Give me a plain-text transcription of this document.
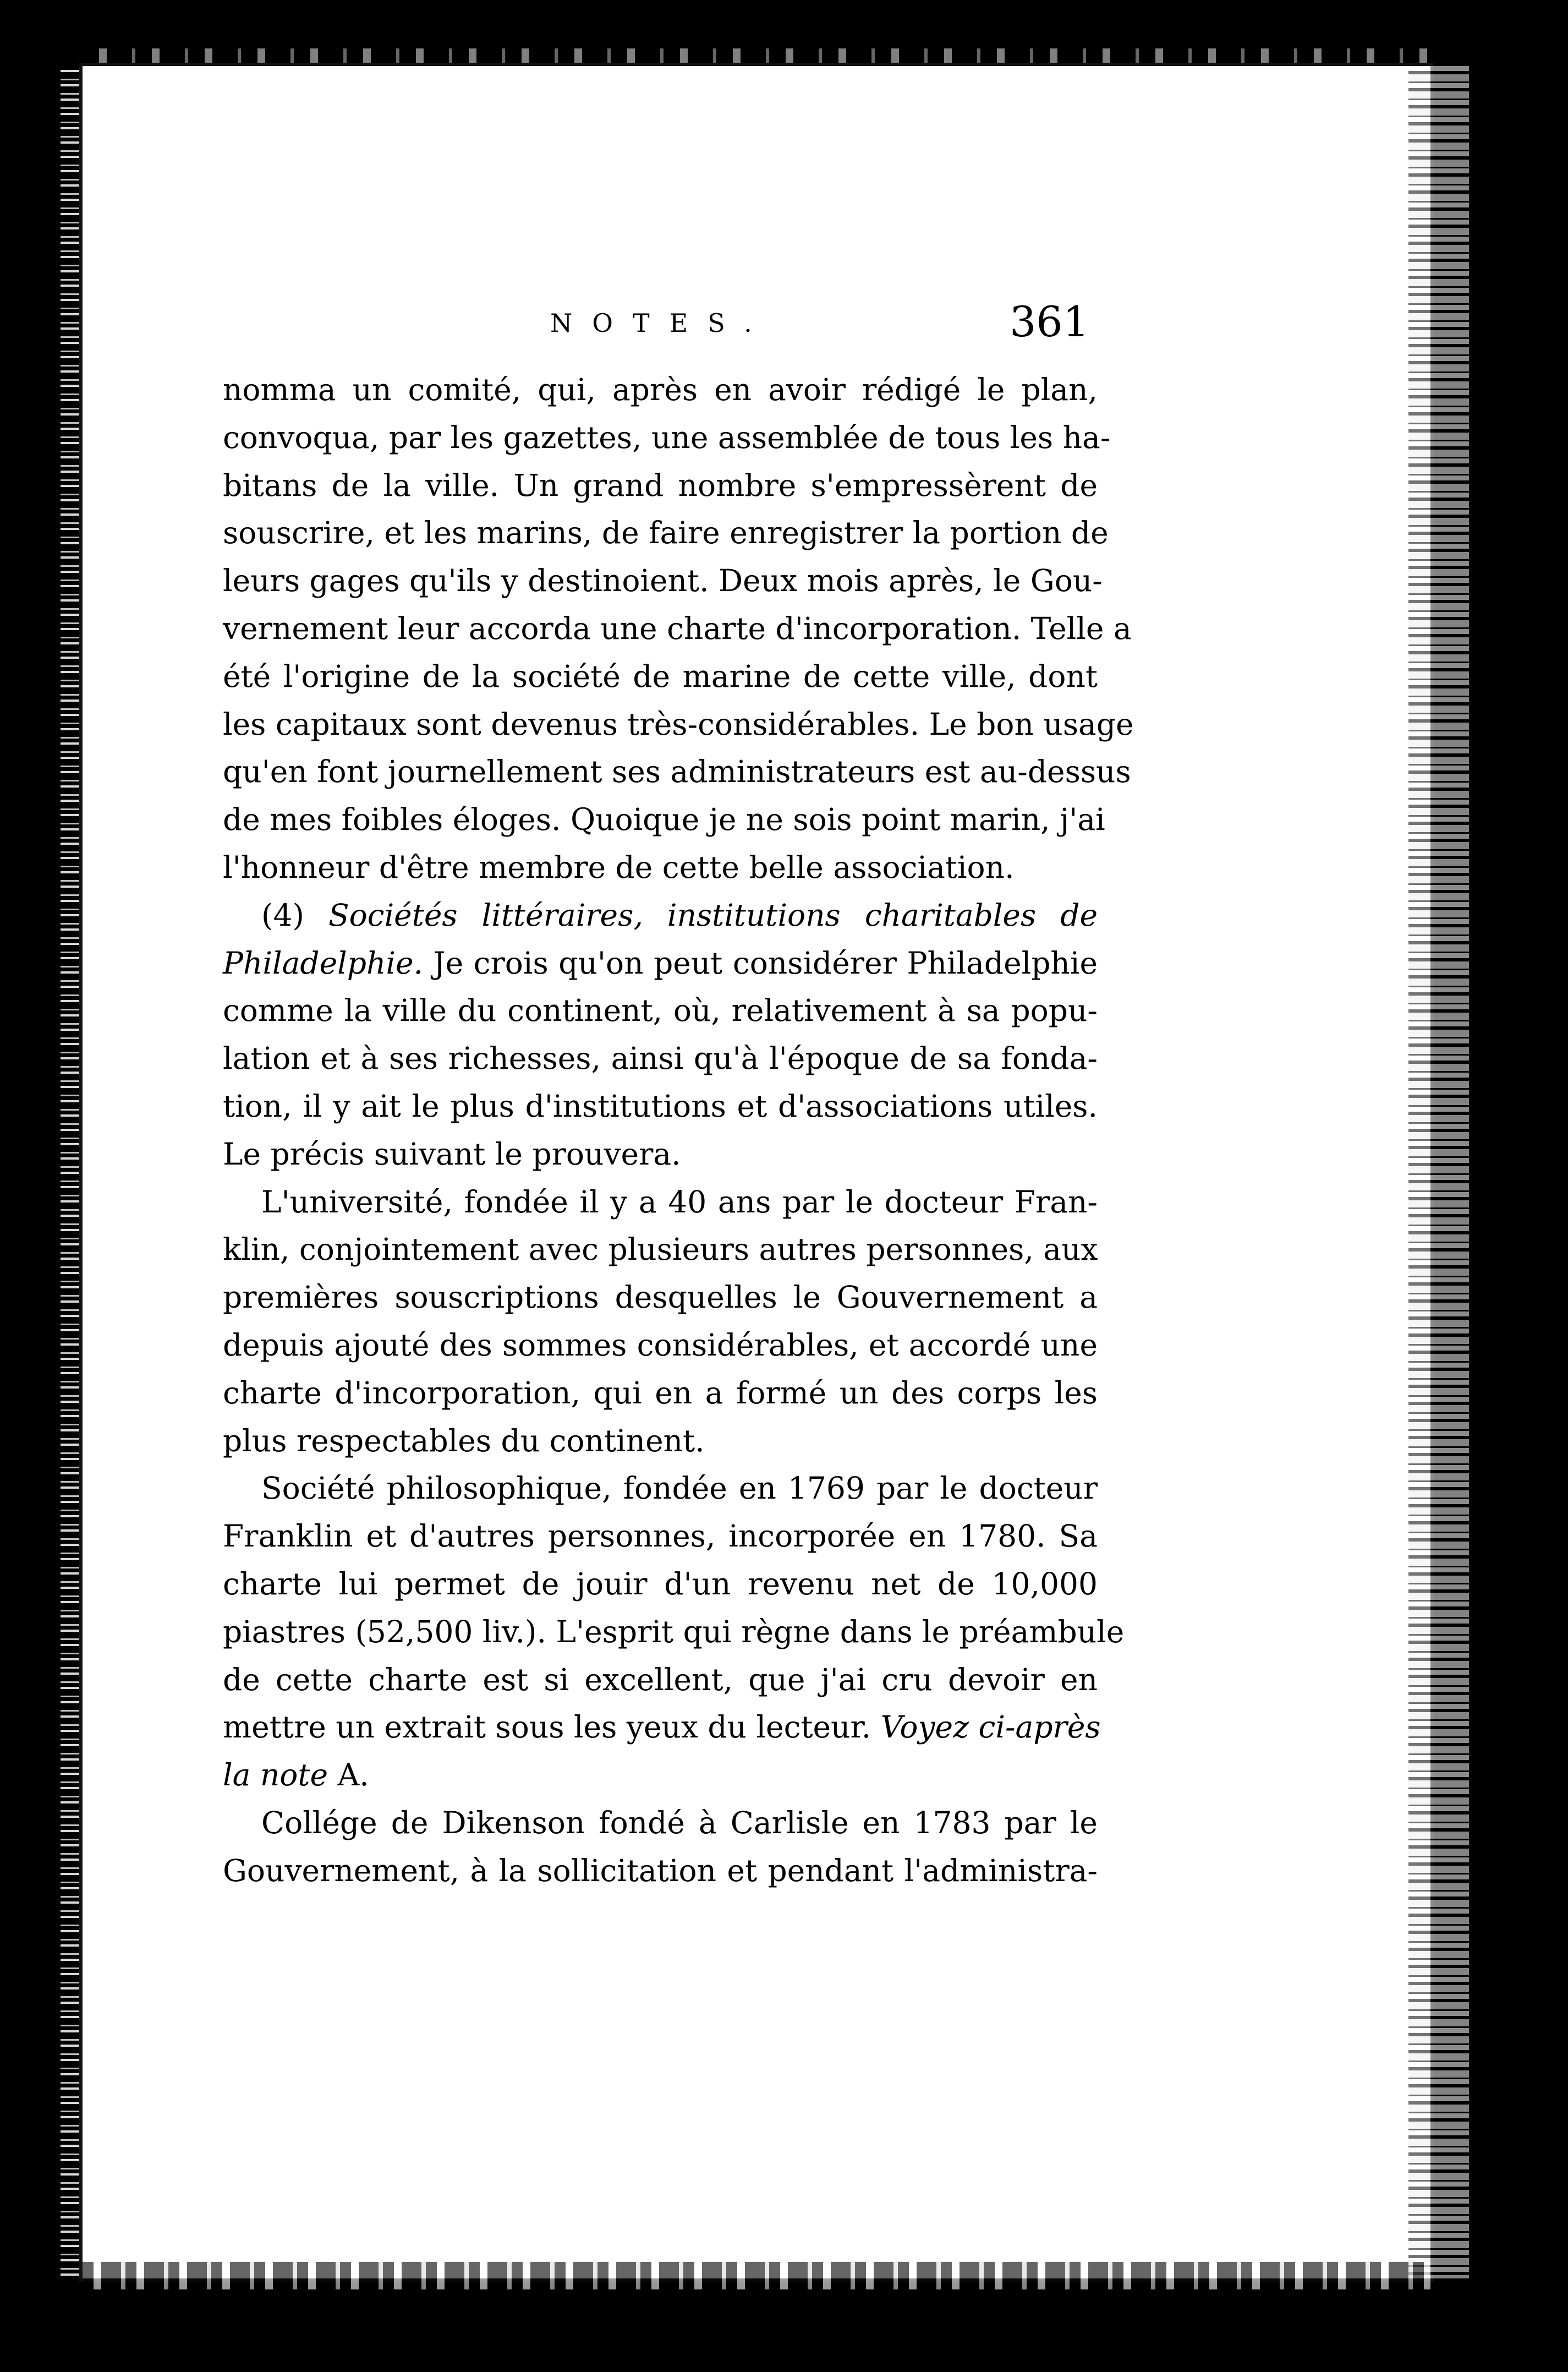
NOTES.	361
nomma un comité, qui, après en avoir rédigé le plan,
convoqua, par les gazettes, une assemblée de tous les ha-
bitans de la ville. Un grand nombre s'empressèrent de
souscrire, et les marins, de faire enregistrer la portion de
leurs gages qu'ils y destinoient. Deux mois après, le Gou-
vernement leur accorda une charte d'incorporation. Telle a
été l'origine de la société de marine de cette ville, dont
les capitaux sont devenus très-considérables. Le bon usage
qu'en font journellement ses administrateurs est au-dessus
de mes foibles éloges. Quoique je ne sois point marin, j'ai
l'honneur d'être membre de cette belle association.
(4) Sociétés littéraires, institutions charitables de
Philadelphie. Je crois qu'on peut considérer Philadelphie
comme la ville du continent, où, relativement à sa popu-
lation et à ses richesses, ainsi qu'à l'époque de sa fonda-
tion, il y ait le plus d'institutions et d'associations utiles.
Le précis suivant le prouvera.
L'université, fondée il y a 40 ans par le docteur Fran-
klin, conjointement avec plusieurs autres personnes, aux
premières souscriptions desquelles le Gouvernement a
depuis ajouté des sommes considérables, et accordé une
charte d'incorporation, qui en a formé un des corps les
plus respectables du continent.
Société philosophique, fondée en 1769 par le docteur
Franklin et d'autres personnes, incorporée en 1780. Sa
charte lui permet de jouir d'un revenu net de 10,000
piastres (52,500 liv.). L'esprit qui règne dans le préambule
de cette charte est si excellent, que j'ai cru devoir en
mettre un extrait sous les yeux du lecteur. Voyez ci-après
la note A.
Collége de Dikenson fondé à Carlisle en 1783 par le
Gouvernement, à la sollicitation et pendant l'administra-
